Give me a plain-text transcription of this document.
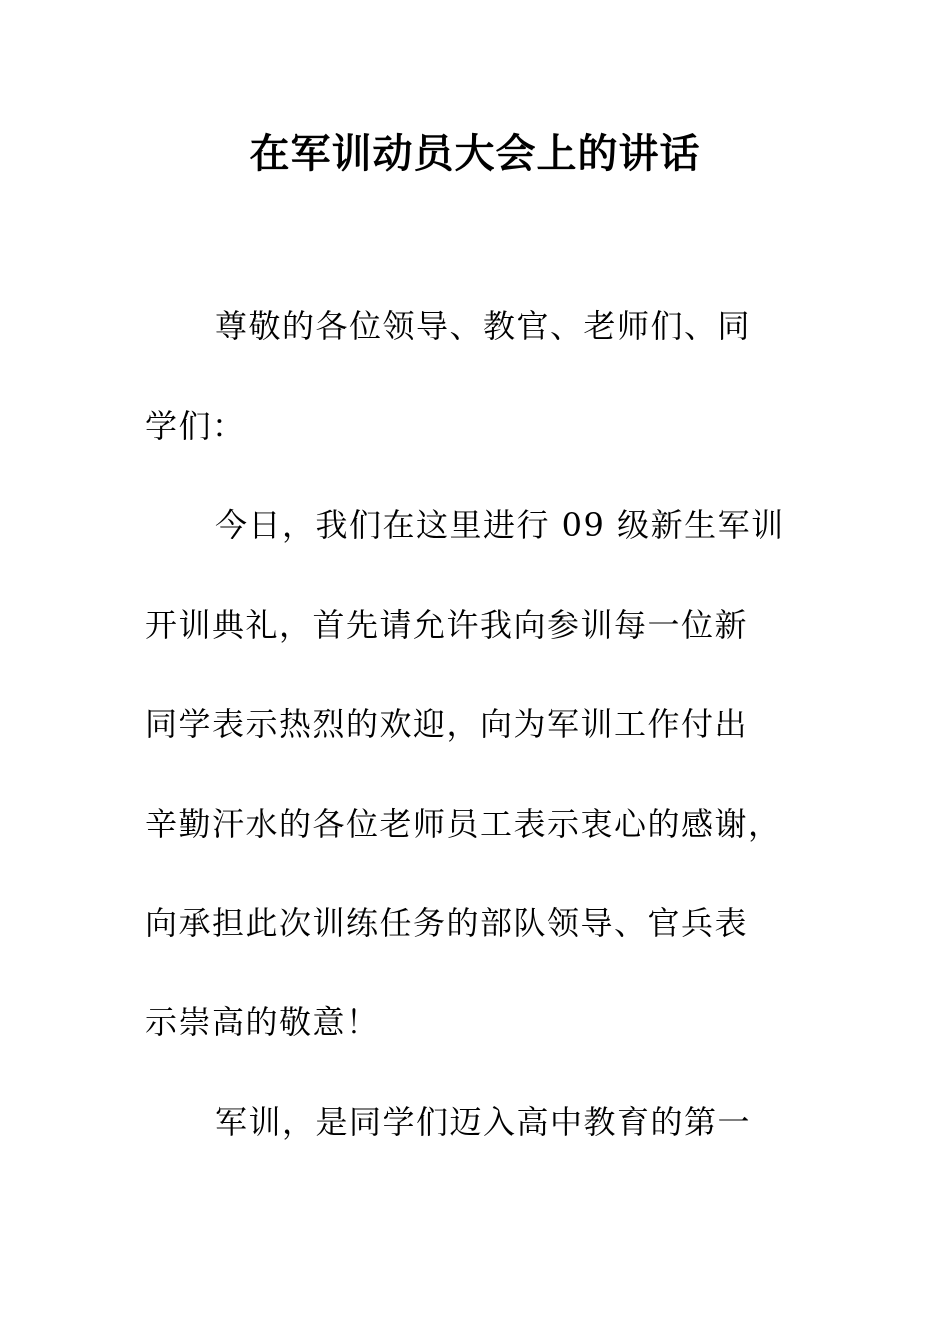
在军训动员大会上的讲话
尊敬的各位领导、教官、老师们、同
学们：
今日，我们在这里进行 09 级新生军训
开训典礼，首先请允许我向参训每一位新
同学表示热烈的欢迎，向为军训工作付出
辛勤汗水的各位老师员工表示衷心的感谢，
向承担此次训练任务的部队领导、官兵表
示崇高的敬意！
军训，是同学们迈入高中教育的第一
